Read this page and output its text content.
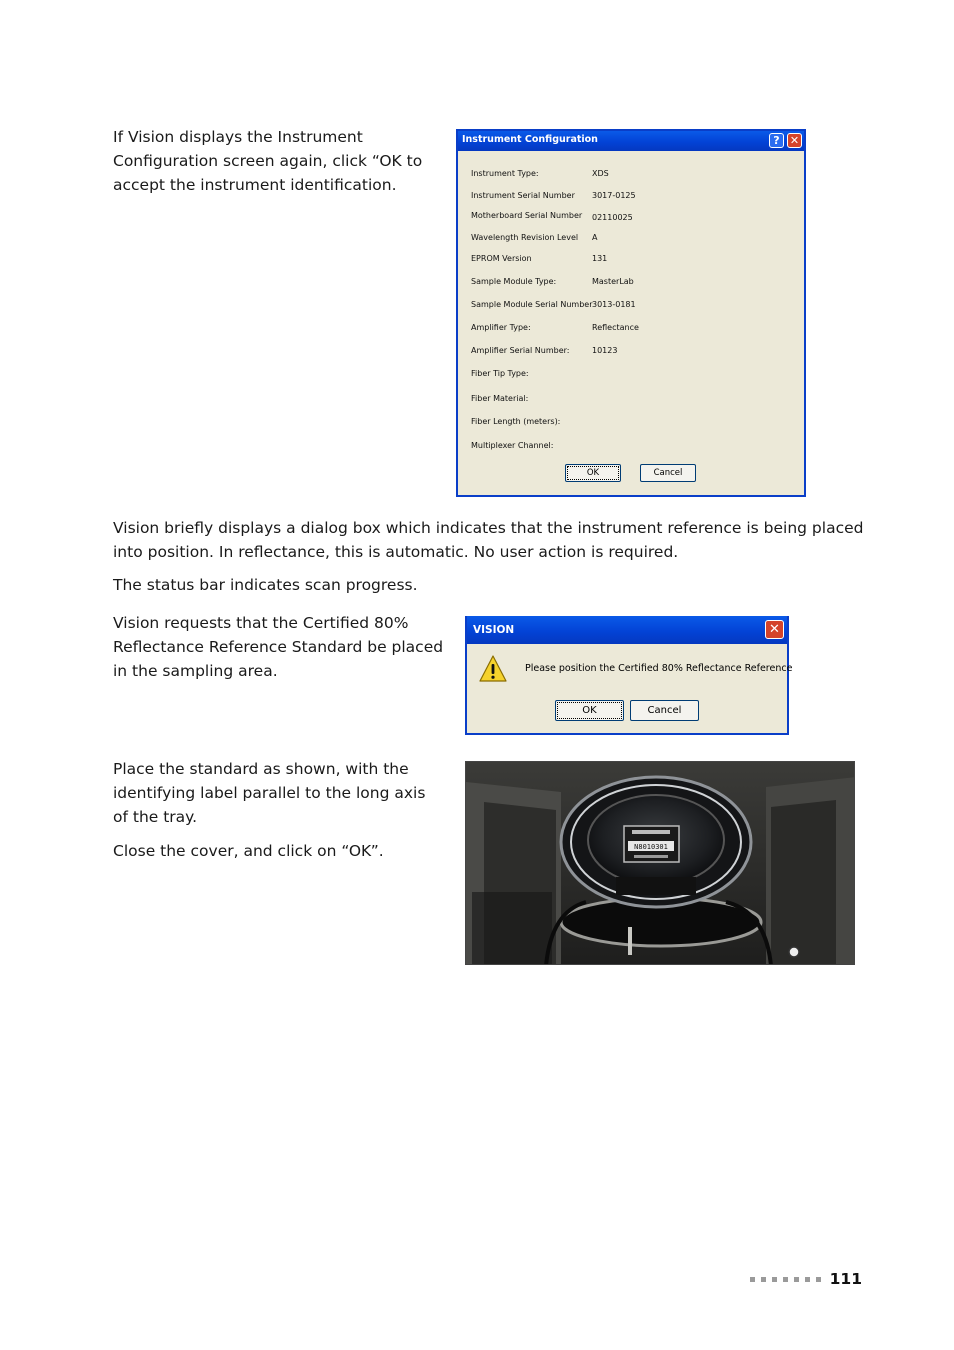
If Vision displays the Instrument Configuration screen again, click “OK to accept the instrument identification.

Instrument Configuration	? ✕
Instrument Type:	XDS
Instrument Serial Number 3017-0125
Motherboard Serial Number 02110025
Wavelength Revision Level A
EPROM Version	131
Sample Module Type:	MasterLab
Sample Module Serial Number 3013-0181
Amplifier Type:	Reflectance
Amplifier Serial Number:	10123
Fiber Tip Type:
Fiber Material:
Fiber Length (meters):
Multiplexer Channel:
OK	Cancel

Vision briefly displays a dialog box which indicates that the instrument reference is being placed into position. In reflectance, this is automatic. No user action is required.

The status bar indicates scan progress.

Vision requests that the Certified 80% Reflectance Reference Standard be placed in the sampling area.

VISION	✕
Please position the Certified 80% Reflectance Reference
OK	Cancel

Place the standard as shown, with the identifying label parallel to the long axis of the tray.

Close the cover, and click on “OK”.	N8010301
111
